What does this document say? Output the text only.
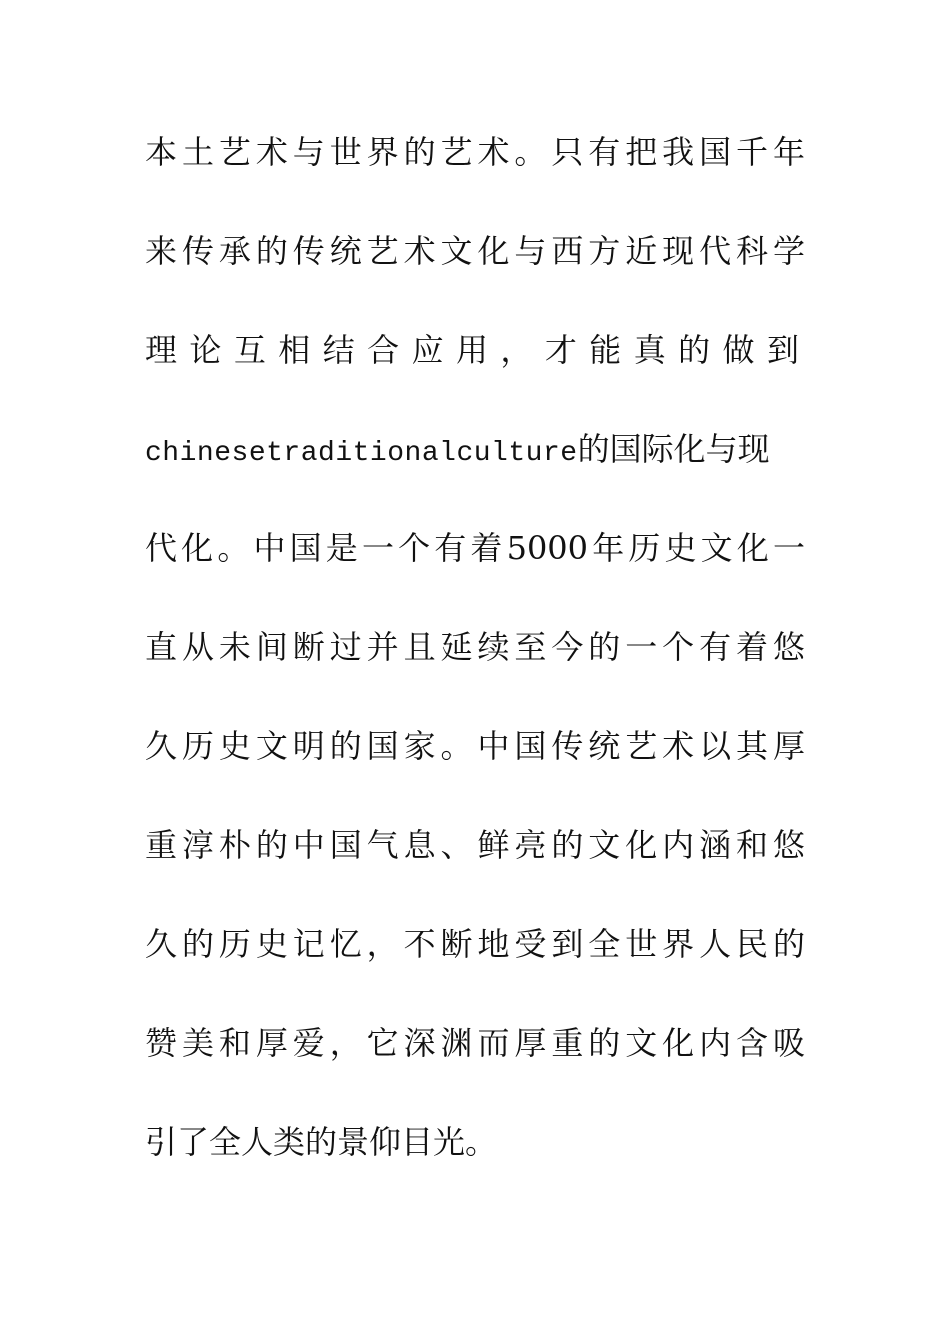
本土艺术与世界的艺术。只有把我国千年
来传承的传统艺术文化与西方近现代科学
理论互相结合应用，才能真的做到
chinesetraditionalculture的国际化与现
代化。中国是一个有着5000年历史文化一
直从未间断过并且延续至今的一个有着悠
久历史文明的国家。中国传统艺术以其厚
重淳朴的中国气息、鲜亮的文化内涵和悠
久的历史记忆，不断地受到全世界人民的
赞美和厚爱，它深渊而厚重的文化内含吸
引了全人类的景仰目光。
